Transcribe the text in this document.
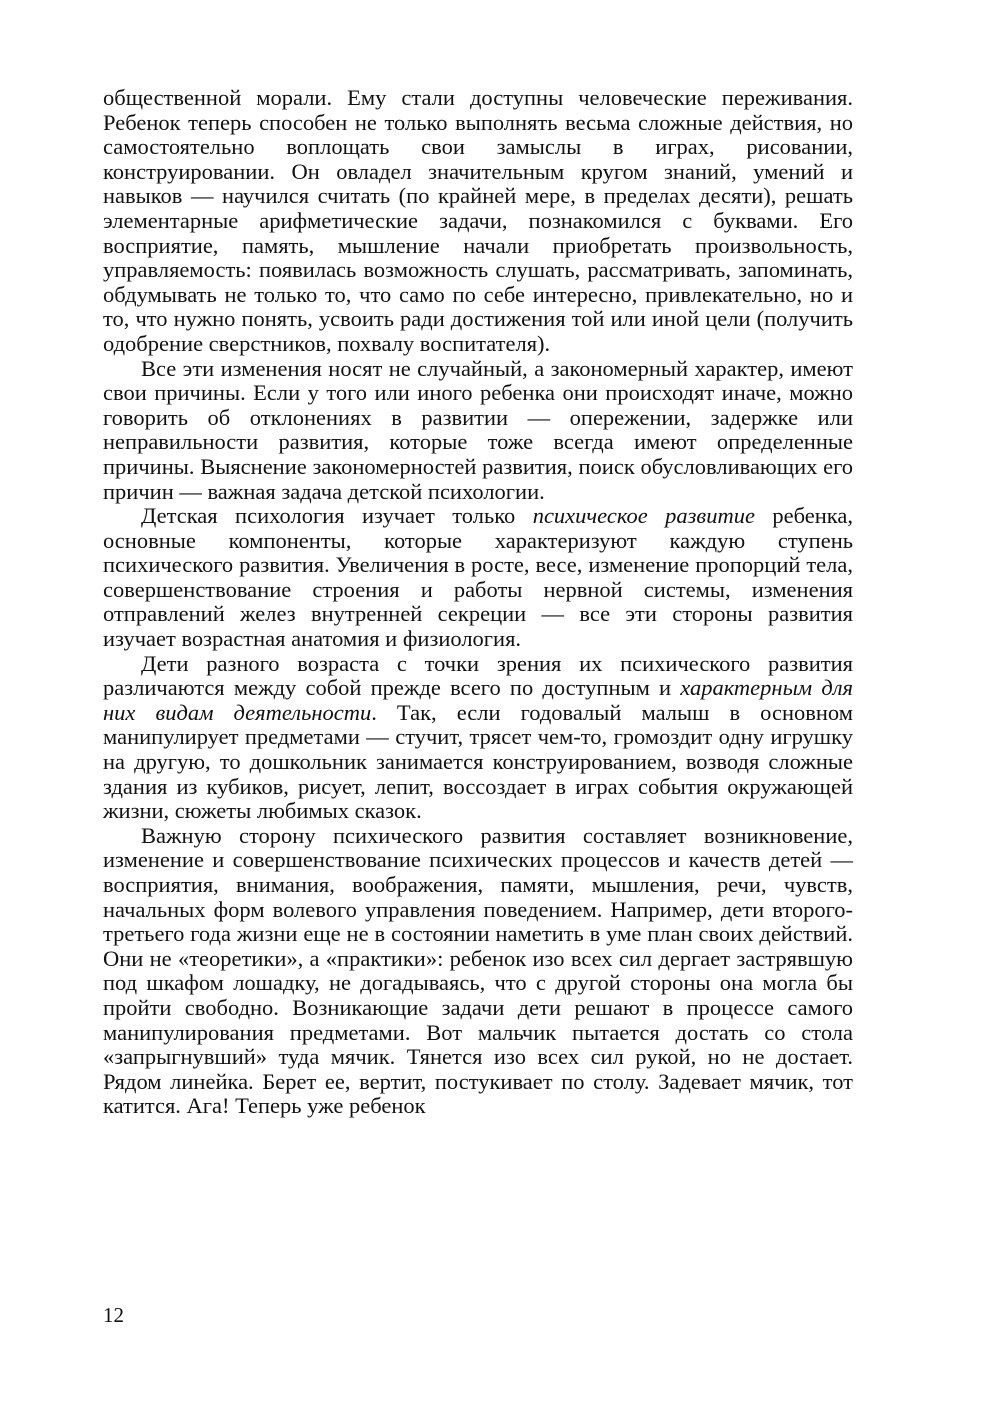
общественной морали. Ему стали доступны человеческие переживания. Ребенок теперь способен не только выполнять весьма сложные действия, но самостоятельно воплощать свои замыслы в играх, рисовании, конструировании. Он овладел значительным кругом знаний, умений и навыков — научился считать (по крайней мере, в пределах десяти), решать элементарные арифметические задачи, познакомился с буквами. Его восприятие, память, мышление начали приобретать произвольность, управляемость: появилась возможность слушать, рассматривать, запоминать, обдумывать не только то, что само по себе интересно, привлекательно, но и то, что нужно понять, усвоить ради достижения той или иной цели (получить одобрение сверстников, похвалу воспитателя).

Все эти изменения носят не случайный, а закономерный характер, имеют свои причины. Если у того или иного ребенка они происходят иначе, можно говорить об отклонениях в развитии — опережении, задержке или неправильности развития, которые тоже всегда имеют определенные причины. Выяснение закономерностей развития, поиск обусловливающих его причин — важная задача детской психологии.

Детская психология изучает только психическое развитие ребенка, основные компоненты, которые характеризуют каждую ступень психического развития. Увеличения в росте, весе, изменение пропорций тела, совершенствование строения и работы нервной системы, изменения отправлений желез внутренней секреции — все эти стороны развития изучает возрастная анатомия и физиология.

Дети разного возраста с точки зрения их психического развития различаются между собой прежде всего по доступным и характерным для них видам деятельности. Так, если годовалый малыш в основном манипулирует предметами — стучит, трясет чем-то, громоздит одну игрушку на другую, то дошкольник занимается конструированием, возводя сложные здания из кубиков, рисует, лепит, воссоздает в играх события окружающей жизни, сюжеты любимых сказок.

Важную сторону психического развития составляет возникновение, изменение и совершенствование психических процессов и качеств детей — восприятия, внимания, воображения, памяти, мышления, речи, чувств, начальных форм волевого управления поведением. Например, дети второго-третьего года жизни еще не в состоянии наметить в уме план своих действий. Они не «теоретики», а «практики»: ребенок изо всех сил дергает застрявшую под шкафом лошадку, не догадываясь, что с другой стороны она могла бы пройти свободно. Возникающие задачи дети решают в процессе самого манипулирования предметами. Вот мальчик пытается достать со стола «запрыгнувший» туда мячик. Тянется изо всех сил рукой, но не достает. Рядом линейка. Берет ее, вертит, постукивает по столу. Задевает мячик, тот катится. Ага! Теперь уже ребенок

12
